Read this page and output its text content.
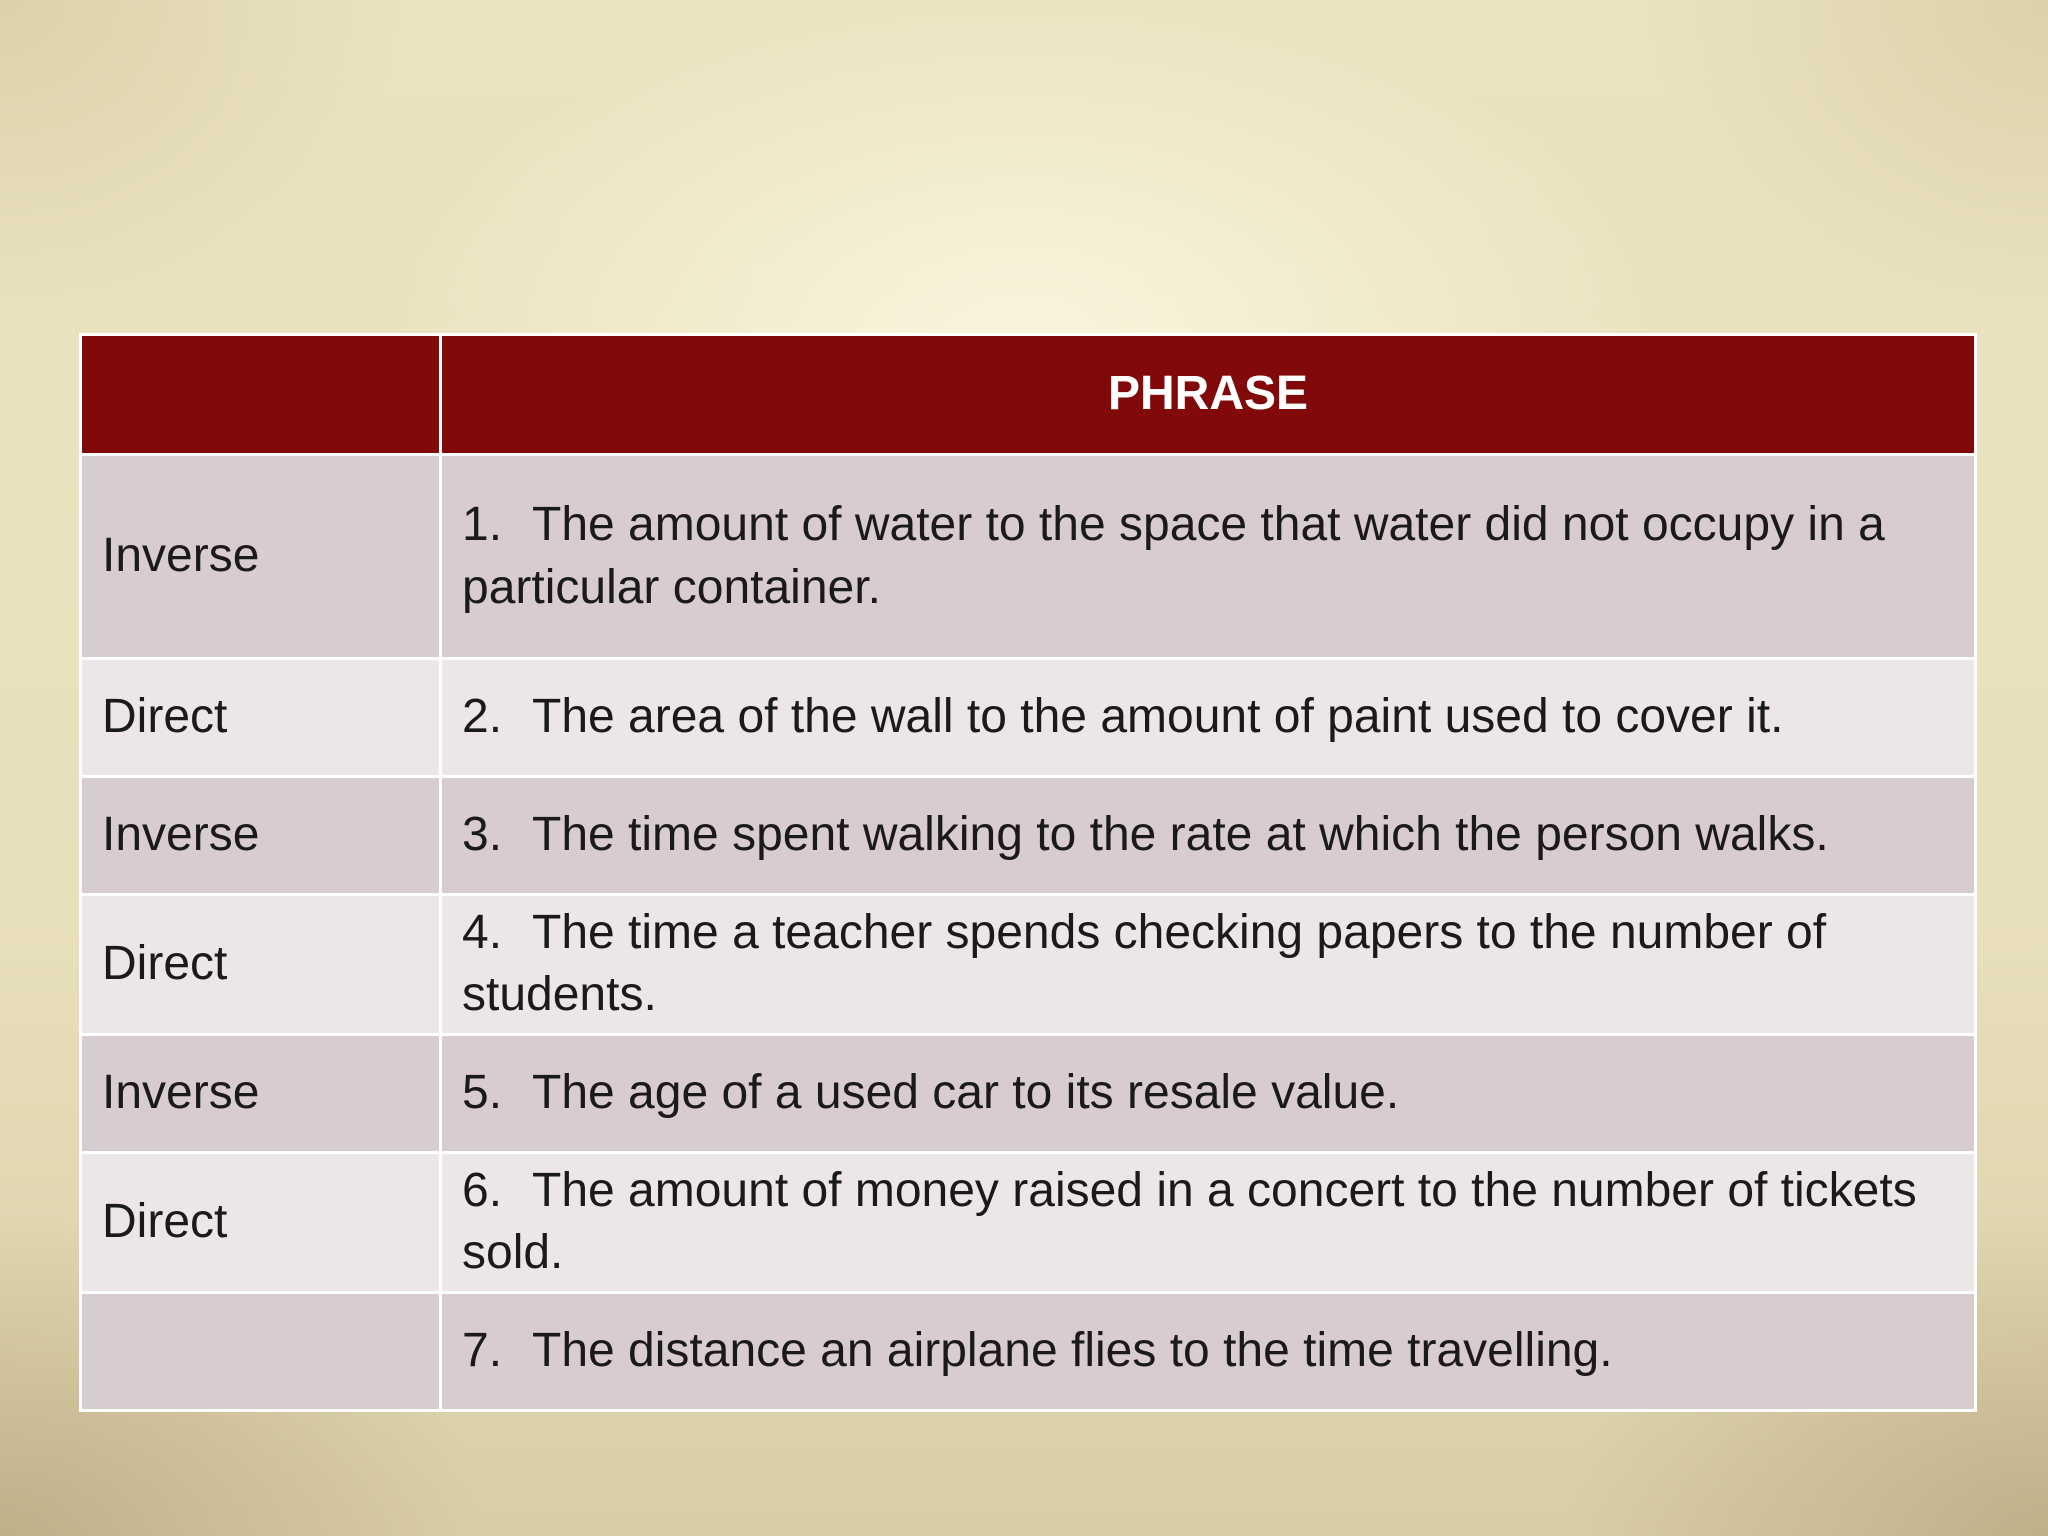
	PHRASE
Inverse	1. The amount of water to the space that water did not occupy in a particular container.
Direct	2. The area of the wall to the amount of paint used to cover it.
Inverse	3. The time spent walking to the rate at which the person walks.
Direct	4. The time a teacher spends checking papers to the number of students.
Inverse	5. The age of a used car to its resale value.
Direct	6. The amount of money raised in a concert to the number of tickets sold.
	7. The distance an airplane flies to the time travelling.
